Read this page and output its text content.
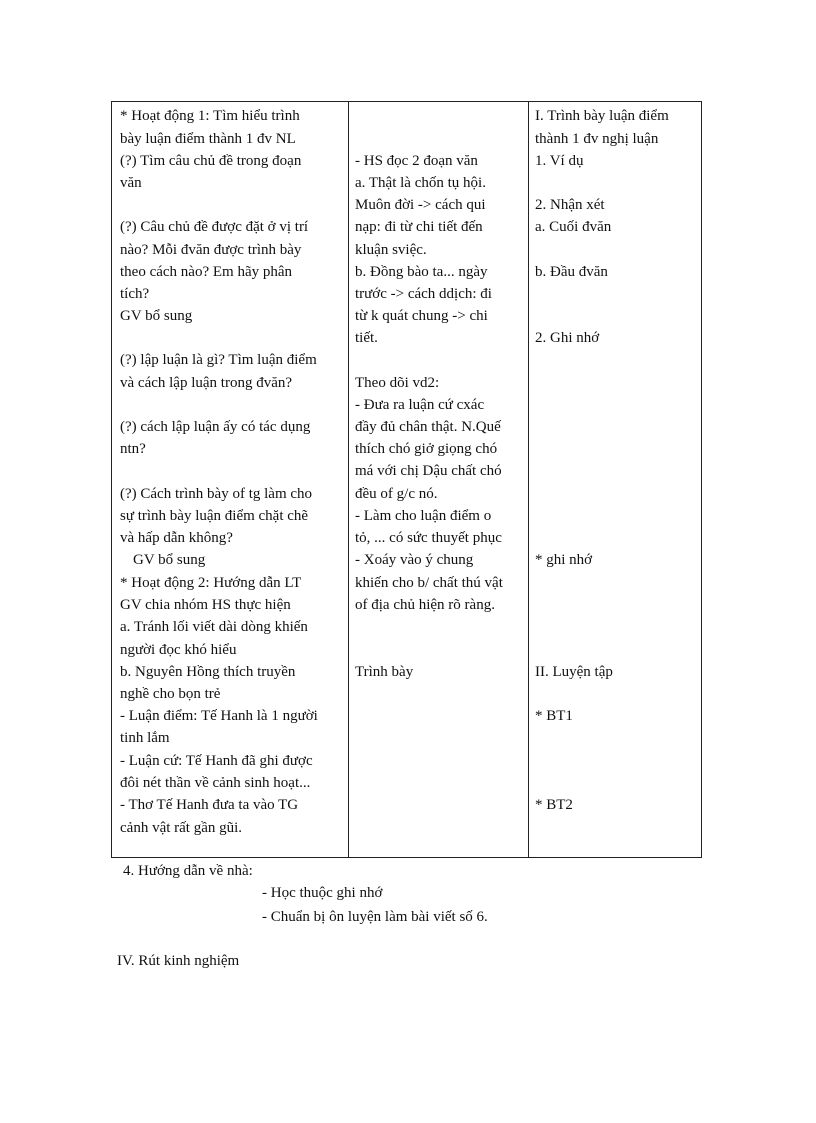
* Hoạt động 1: Tìm hiểu trình
bày luận điểm thành 1 đv NL
(?) Tìm câu chủ đề trong đoạn
văn
(?) Câu chủ đề được đặt ở vị trí
nào? Mỗi đvăn được trình bày
theo cách nào? Em hãy phân
tích?
GV bổ sung
(?) lập luận là gì? Tìm luận điểm
và cách lập luận trong đvăn?
(?) cách lập luận ấy có tác dụng
ntn?
(?) Cách trình bày of tg làm cho
sự trình bày luận điểm chặt chẽ
và hấp dẫn không?
GV bổ sung
* Hoạt động 2: Hướng dẫn LT
GV chia nhóm HS thực hiện
a. Tránh lối viết dài dòng khiến
người đọc khó hiểu
b. Nguyên Hồng thích truyền
nghề cho bọn trẻ
- Luận điểm: Tế Hanh là 1 người
tinh lắm
- Luận cứ: Tế Hanh đã ghi được
đôi nét thần về cảnh sinh hoạt...
- Thơ Tế Hanh đưa ta vào TG
cảnh vật rất gần gũi.
- HS đọc 2 đoạn văn
a. Thật là chốn tụ hội.
Muôn đời -> cách qui
nạp: đi từ chi tiết đến
kluận sviệc.
b. Đồng bào ta... ngày
trước -> cách ddịch: đi
từ k quát chung -> chi
tiết.
Theo dõi vd2:
- Đưa ra luận cứ cxác
đầy đủ chân thật. N.Quế
thích chó giở giọng chó
má với chị Dậu chất chó
đều of g/c nó.
- Làm cho luận điểm o
tỏ, ... có sức thuyết phục
- Xoáy vào ý chung
khiến cho b/ chất thú vật
of địa chủ hiện rõ ràng.
Trình bày
I. Trình bày luận điểm
thành 1 đv nghị luận
1. Ví dụ
2. Nhận xét
a. Cuối đvăn
b. Đầu đvăn
2. Ghi nhớ
* ghi nhớ
II. Luyện tập
* BT1
* BT2
4. Hướng dẫn về nhà:
- Học thuộc ghi nhớ
- Chuẩn bị ôn luyện làm bài viết số 6.
IV. Rút kinh nghiệm
